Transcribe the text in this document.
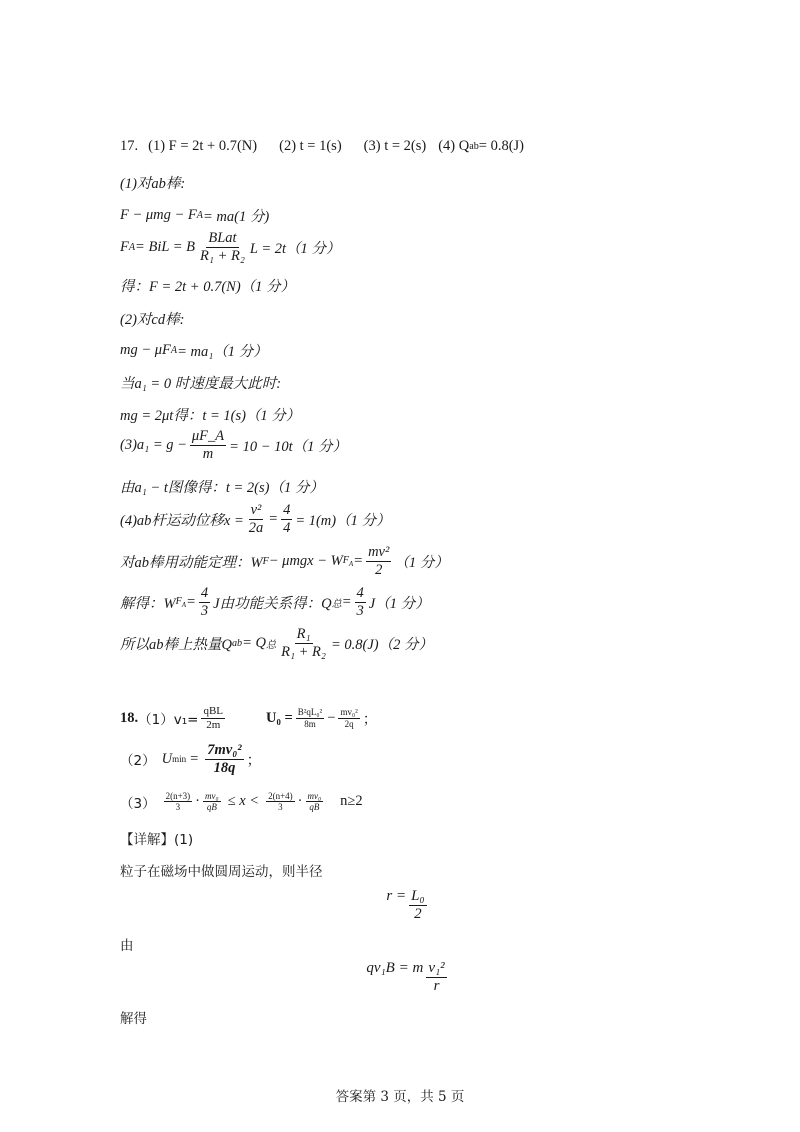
17. (1) F = 2t + 0.7(N) (2) t = 1(s) (3) t = 2(s) (4) Q ab = 0.8(J)
(1)对ab棒:
F − μmg − F A = ma(1 分)
F A = BiL = B $\frac{\text{BLat}}{\text{R₁ + R₂}}$ L = 2t（1 分）
得：F = 2t + 0.7(N)（1 分）
(2)对cd棒:
mg − μF A = ma₁（1 分）
当a₁ = 0 时速度最大此时:
mg = 2μt得：t = 1(s)（1 分）
$(3)a_1 = g - \frac{\mu F\_A}{m} = 10 - 10t(1$ 分）
由a₁ − t图像得：t = 2(s)（1 分）
(4)ab杆运动位移$x = \frac{\text{v²}}{2a} = \frac{4}{4} = 1(m)(1$ 分）
对ab棒用动能定理：W F − μmgx − W $F_A = \frac{\text{mv²}}{2} (1$ 分）
解得：W $F_A = \frac{4}{3}$ J由功能关系得：Q 总 = $\frac{4}{3} J(1$ 分）
所以ab棒上热量Q ab = Q 总 $\frac{\text{R₁}}{\text{R₁ + R₂}} = 0.8(J)(2$ 分）
18. $(1)v_1= \frac{\text{qBL}}{2m}$	$U_0 = \frac{\text{B²qL₀²}}{8m} - \frac{\text{mv₀²}}{2q}$ ；
（2） U $\min = \frac{\text{7mv₀²}}{18q}$ ；
$(3) \frac{2(n+3)}{3} \cdot \frac{\text{mv₀}}{qB} \le x < \frac{2(n+4)}{3} \cdot \frac{\text{mv₀}}{qB} n\ge 2$
【详解】(1)
粒子在磁场中做圆周运动，则半径
$r = \frac{\text{L₀}}{2}$
由
qv₁B = m $\frac{\text{v₁²}}{r}$
解得
答案第 3 页，共 5 页
